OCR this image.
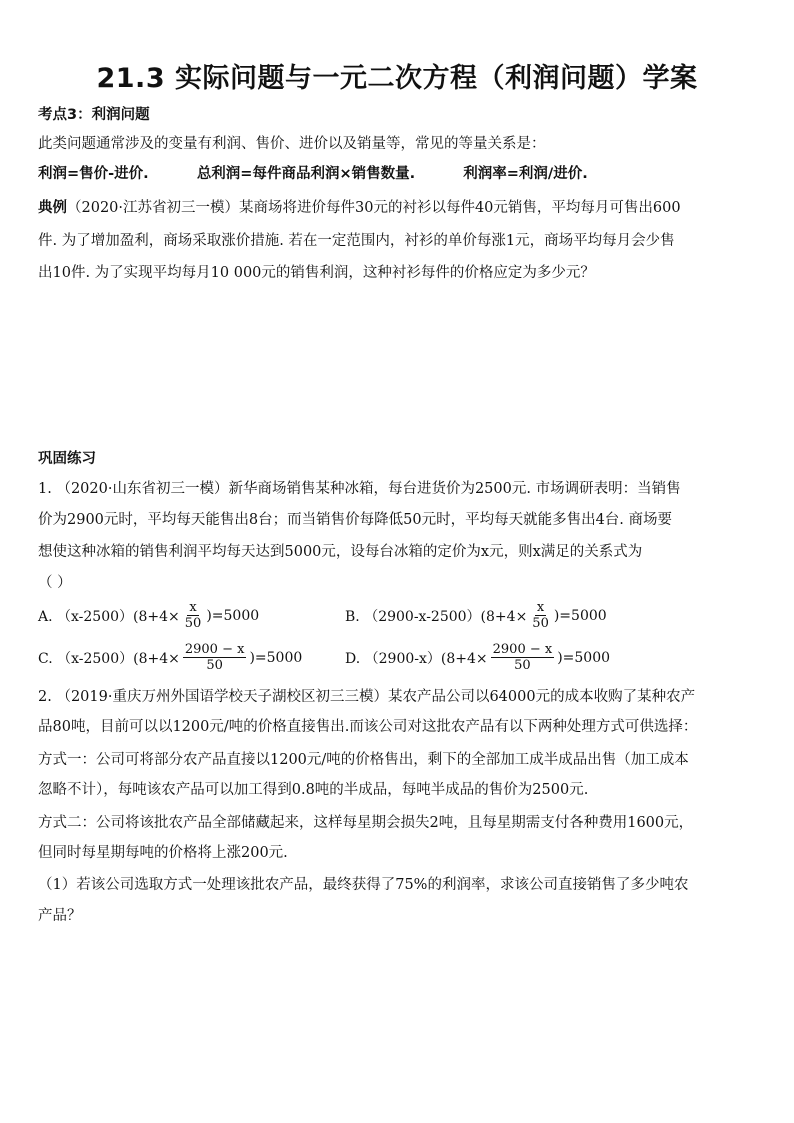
21.3 实际问题与一元二次方程（利润问题）学案
考点3：利润问题
此类问题通常涉及的变量有利润、售价、进价以及销量等，常见的等量关系是：
利润=售价-进价.	总利润=每件商品利润×销售数量.	利润率=利润/进价.
典例（2020·江苏省初三一模）某商场将进价每件30元的衬衫以每件40元销售，平均每月可售出600
件. 为了增加盈利，商场采取涨价措施. 若在一定范围内，衬衫的单价每涨1元，商场平均每月会少售
出10件. 为了实现平均每月10 000元的销售利润，这种衬衫每件的价格应定为多少元？
巩固练习
1. （2020·山东省初三一模）新华商场销售某种冰箱，每台进货价为2500元. 市场调研表明：当销售
价为2900元时，平均每天能售出8台；而当销售价每降低50元时，平均每天就能多售出4台. 商场要
想使这种冰箱的销售利润平均每天达到5000元，设每台冰箱的定价为x元，则x满足的关系式为
（ ）
A. $(x-2500)(8+4\times \frac{x}{50} )=5000$	B. $(2900-x-2500)(8+4\times \frac{x}{50} )=5000$
C. $(x-2500)(8+4\times \frac{2900 - x}{50} )=5000$	D. $(2900-x)(8+4\times \frac{2900 - x}{50} )=5000$
2. （2019·重庆万州外国语学校天子湖校区初三三模）某农产品公司以64000元的成本收购了某种农产
品80吨，目前可以以1200元/吨的价格直接售出.而该公司对这批农产品有以下两种处理方式可供选择：
方式一：公司可将部分农产品直接以1200元/吨的价格售出，剩下的全部加工成半成品出售（加工成本
忽略不计），每吨该农产品可以加工得到0.8吨的半成品，每吨半成品的售价为2500元.
方式二：公司将该批农产品全部储藏起来，这样每星期会损失2吨，且每星期需支付各种费用1600元，
但同时每星期每吨的价格将上涨200元.
（1）若该公司选取方式一处理该批农产品，最终获得了75%的利润率，求该公司直接销售了多少吨农
产品？
